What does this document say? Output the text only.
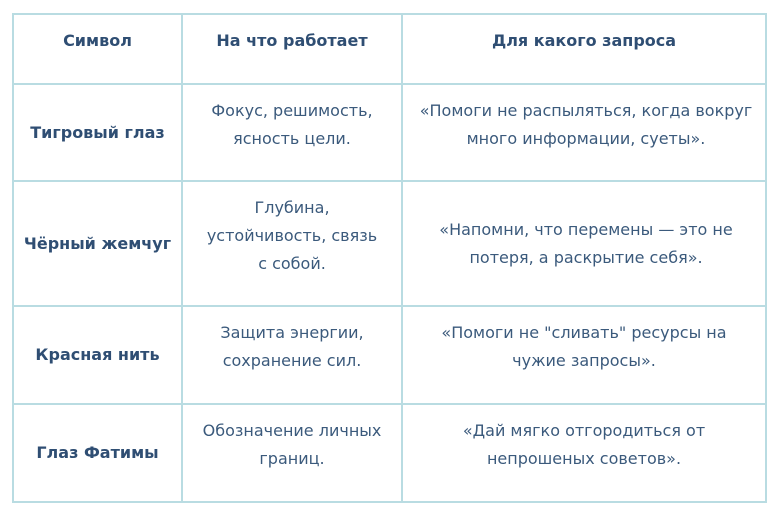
Символ	На что работает	Для какого запроса
Тигровый глаз	Фокус, решимость, ясность цели.	«Помоги не распыляться, когда вокруг много информации, суеты».
Чёрный жемчуг	Глубина, устойчивость, связь с собой.	«Напомни, что перемены — это не потеря, а раскрытие себя».
Красная нить	Защита энергии, сохранение сил.	«Помоги не "сливать" ресурсы на чужие запросы».
Глаз Фатимы	Обозначение личных границ.	«Дай мягко отгородиться от непрошеных советов».
